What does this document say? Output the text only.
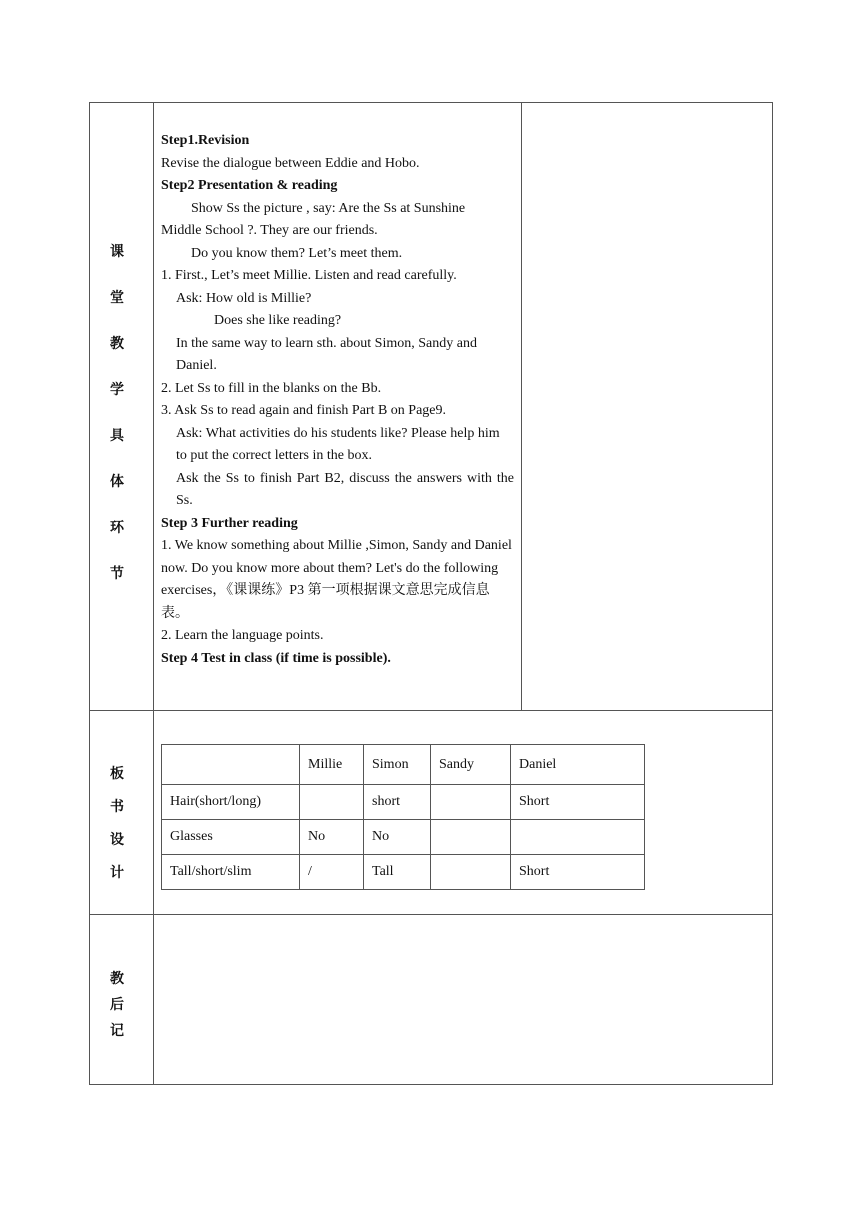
课
堂
教
学
具
体
环
节
板
书
设
计
教
后
记

Step1.Revision

Revise the dialogue between Eddie and Hobo.

Step2 Presentation & reading

Show Ss the picture , say: Are the Ss at Sunshine

Middle School ?. They are our friends.

Do you know them? Let’s meet them.

1. First., Let’s meet Millie. Listen and read carefully.

Ask: How old is Millie?

Does she like reading?

In the same way to learn sth. about Simon, Sandy and Daniel.

2. Let Ss to fill in the blanks on the Bb.

3. Ask Ss to read again and finish Part B on Page9.

Ask: What activities do his students like? Please help him to put the correct letters in the box.

Ask the Ss to finish Part B2, discuss the answers with the Ss.

Step 3 Further reading

1. We know something about Millie ,Simon, Sandy and Daniel now. Do you know more about them? Let's do the following exercises，《课课练》P3 第一项根据课文意思完成信息表。

2. Learn the language points.

Step 4 Test in class (if time is possible).

	Millie	Simon	Sandy	Daniel
Hair(short/long)		short		Short
Glasses	No	No		
Tall/short/slim	/	Tall		Short
